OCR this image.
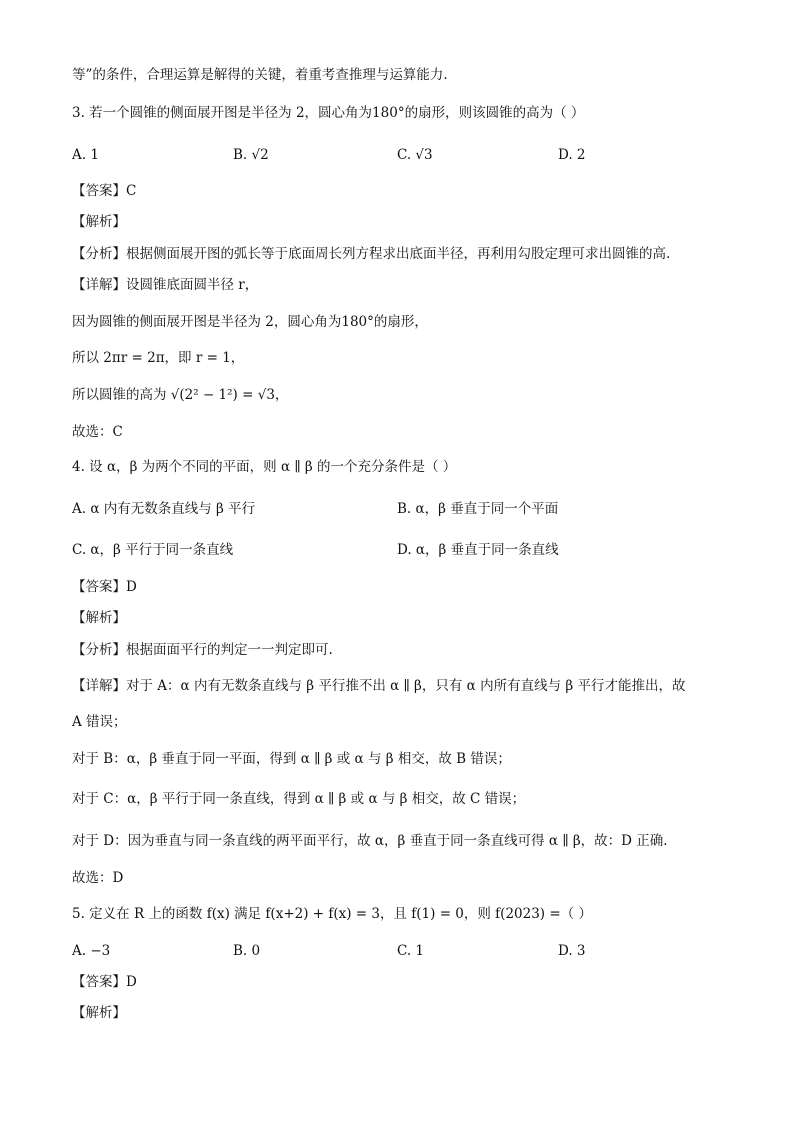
等”的条件，合理运算是解得的关键，着重考查推理与运算能力.
3. 若一个圆锥的侧面展开图是半径为 2，圆心角为180°的扇形，则该圆锥的高为（ ）
A. 1	B. √2	C. √3	D. 2
【答案】C
【解析】
【分析】根据侧面展开图的弧长等于底面周长列方程求出底面半径，再利用勾股定理可求出圆锥的高.
【详解】设圆锥底面圆半径 r，
因为圆锥的侧面展开图是半径为 2，圆心角为180°的扇形，
所以 2πr = 2π，即 r = 1，
所以圆锥的高为 √(2² − 1²) = √3，
故选：C
4. 设 α，β 为两个不同的平面，则 α ∥ β 的一个充分条件是（ ）
A. α 内有无数条直线与 β 平行	B. α，β 垂直于同一个平面
C. α，β 平行于同一条直线	D. α，β 垂直于同一条直线
【答案】D
【解析】
【分析】根据面面平行的判定一一判定即可.
【详解】对于 A：α 内有无数条直线与 β 平行推不出 α ∥ β，只有 α 内所有直线与 β 平行才能推出，故
A 错误；
对于 B：α，β 垂直于同一平面，得到 α ∥ β 或 α 与 β 相交，故 B 错误；
对于 C：α，β 平行于同一条直线，得到 α ∥ β 或 α 与 β 相交，故 C 错误；
对于 D：因为垂直与同一条直线的两平面平行，故 α，β 垂直于同一条直线可得 α ∥ β，故：D 正确.
故选：D
5. 定义在 R 上的函数 f(x) 满足 f(x+2) + f(x) = 3，且 f(1) = 0，则 f(2023) =（ ）
A. −3	B. 0	C. 1	D. 3
【答案】D
【解析】
